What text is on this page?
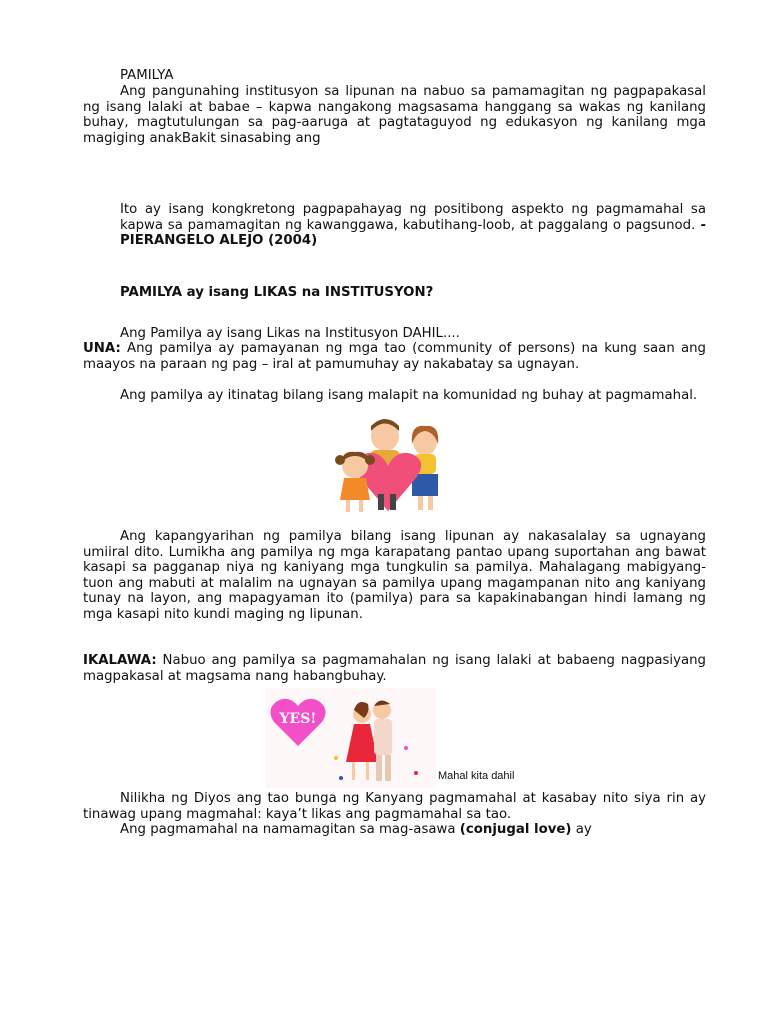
PAMILYA

Ang pangunahing institusyon sa lipunan na nabuo sa pamamagitan ng pagpapakasal ng isang lalaki at babae – kapwa nangakong magsasama hanggang sa wakas ng kanilang buhay, magtutulungan sa pag-aaruga at pagtataguyod ng edukasyon ng kanilang mga magiging anakBakit sinasabing ang

Ito ay isang kongkretong pagpapahayag ng positibong aspekto ng pagmamahal sa kapwa sa pamamagitan ng kawanggawa, kabutihang-loob, at paggalang o pagsunod. - PIERANGELO ALEJO (2004)

PAMILYA ay isang LIKAS na INSTITUSYON?
Ang Pamilya ay isang Likas na Institusyon DAHIL....

UNA: Ang pamilya ay pamayanan ng mga tao (community of persons) na kung saan ang maayos na paraan ng pag – iral at pamumuhay ay nakabatay sa ugnayan.

Ang pamilya ay itinatag bilang isang malapit na komunidad ng buhay at pagmamahal.

Ang kapangyarihan ng pamilya bilang isang lipunan ay nakasalalay sa ugnayang umiiral dito. Lumikha ang pamilya ng mga karapatang pantao upang suportahan ang bawat kasapi sa pagganap niya ng kaniyang mga tungkulin sa pamilya. Mahalagang mabigyang-tuon ang mabuti at malalim na ugnayan sa pamilya upang magampanan nito ang kaniyang tunay na layon, ang mapagyaman ito (pamilya) para sa kapakinabangan hindi lamang ng mga kasapi nito kundi maging ng lipunan.

IKALAWA: Nabuo ang pamilya sa pagmamahalan ng isang lalaki at babaeng nagpasiyang magpakasal at magsama nang habangbuhay.

YES!
Mahal kita dahil

Nilikha ng Diyos ang tao bunga ng Kanyang pagmamahal at kasabay nito siya rin ay tinawag upang magmahal: kaya’t likas ang pagmamahal sa tao.

Ang pagmamahal na namamagitan sa mag-asawa (conjugal love) ay
